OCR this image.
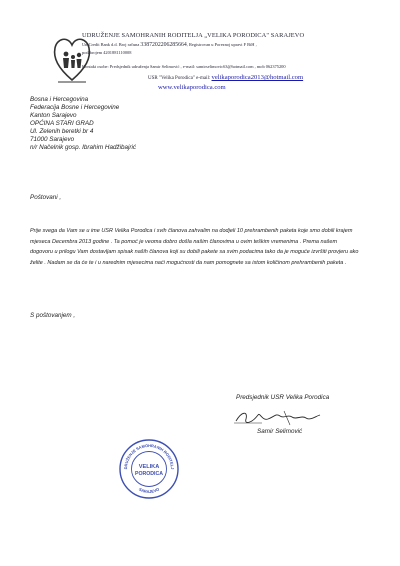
UDRUŽENJE SAMOHRANIH RODITELJA „VELIKA PORODICA" SARAJEVO
UniCredit Bank d.d. Broj računa 3387202206285664, Registrovan u Poreznoj upravi F BiH ,
pod brojem 4201881110008
Kontakt osobe: Predsjednik udruženja Samir Selimović , e-mail: samirselimovic63@hotmail.com , mob 062375200
USR "Velika Porodica" e-mail: velikaporodica2013@hotmail.com
www.velikaporodica.com
Bosna i Hercegovina
Federacija Bosne i Hercegovine
Kanton Sarajevo
OPĆINA STARI GRAD
Ul. Zelenih beretki br 4
71000 Sarajevo
n/r Načelnik gosp. Ibrahim Hadžibajrić
Poštovani ,

Prije svega da Vam se u ime USR Velika Porodica i svih članova zahvalim na dodjeli 10 prehrambenih paketa koje smo dobili krajem

mjeseca Decembra 2013 godine . Ta pomoć je veoma dobro došla našim članovima u ovim teškim vremenima . Prema našem

dogovoru u prilogu Vam dostavljam spisak naših članova koji su dobili pakete sa svim podacima tako da je moguće izvršiti provjeru ako

želite . Nadam se da će te i u narednim mjesecima naći mogućnosti da nam pomognete sa istom količinom prehrambenih paketa .

S poštovanjem ,
Predsjednik USR Velika Porodica
Samir Selimović
DRUŽENJE SAMOHRANIH RODITELJ
SARAJEVO
VELIKA
PORODICA
